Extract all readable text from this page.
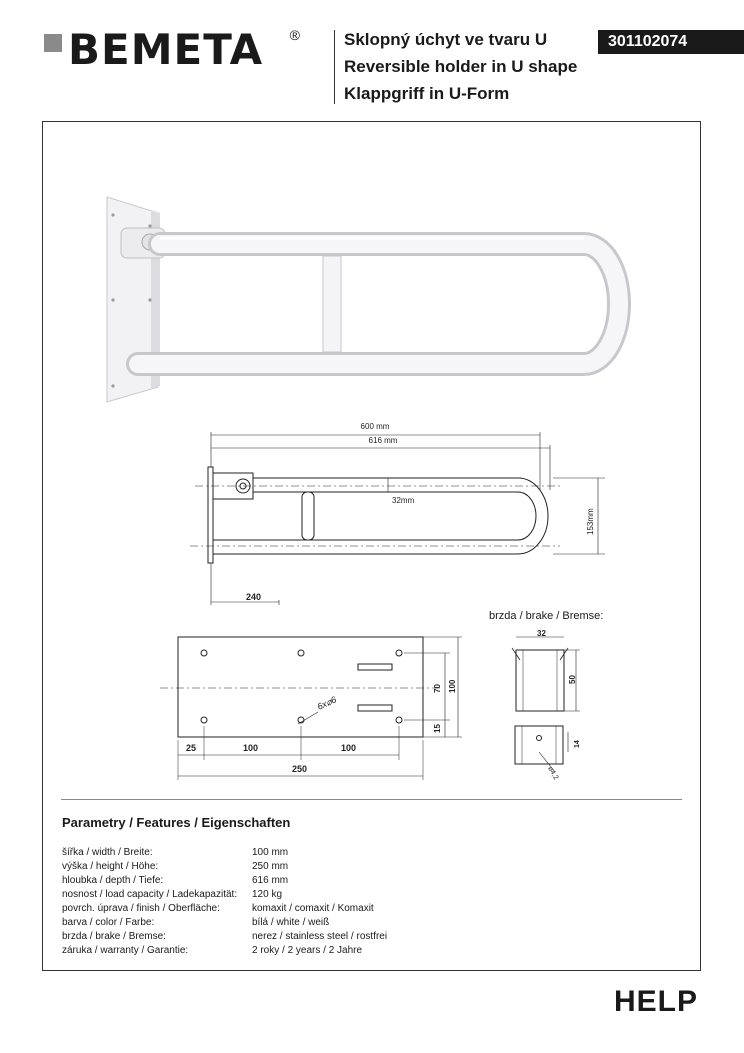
BEMETA ®	Sklopný úchyt ve tvaru U
Reversible holder in U shape
Klappgriff in U-Form
301102074
600 mm
616 mm
32mm
153mm
240
6x⌀6
25	100	100
250
70 100
15
32
50
14
⌀4,2
brzda / brake / Bremse:
Parametry / Features / Eigenschaften
šířka / width / Breite:	100 mm
výška / height / Höhe:	250 mm
hloubka / depth / Tiefe:	616 mm
nosnost / load capacity / Ladekapazität:	120 kg
povrch. úprava / finish / Oberfläche:	komaxit / comaxit / Komaxit
barva / color / Farbe:	bílá / white / weiß
brzda / brake / Bremse:	nerez / stainless steel / rostfrei
záruka / warranty / Garantie:	2 roky / 2 years / 2 Jahre
HELP
